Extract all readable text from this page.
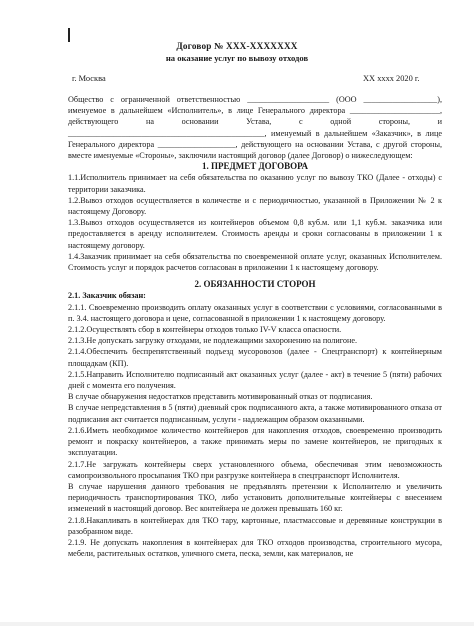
Договор № XXX-XXXXXXX
на оказание услуг по вывозу отходов
г. Москва	XX хххх 2020 г.

Общество с ограниченной ответственностью ____________________ (ООО __________________), именуемое в дальнейшем «Исполнитель», в лице Генерального директора ______________________, действующего на основании Устава, с одной стороны, и ________________________________________________, именуемый в дальнейшем «Заказчик», в лице Генерального директора ___________________, действующего на основании Устава, с другой стороны, вместе именуемые «Стороны», заключили настоящий договор (далее Договор) о нижеследующем:

1. ПРЕДМЕТ ДОГОВОРА

1.1.Исполнитель принимает на себя обязательства по оказанию услуг по вывозу ТКО (Далее - отходы) с территории заказчика.

1.2.Вывоз отходов осуществляется в количестве и с периодичностью, указанной в Приложении № 2 к настоящему Договору.

1.3.Вывоз отходов осуществляется из контейнеров объемом 0,8 куб.м. или 1,1 куб.м. заказчика или предоставляется в аренду исполнителем. Стоимость аренды и сроки согласованы в приложении 1 к настоящему договору.

1.4.Заказчик принимает на себя обязательства по своевременной оплате услуг, оказанных Исполнителем. Стоимость услуг и порядок расчетов согласован в приложении 1 к настоящему договору.

2. ОБЯЗАННОСТИ СТОРОН

2.1. Заказчик обязан:

2.1.1. Своевременно производить оплату оказанных услуг в соответствии с условиями, согласованными в п. 3.4. настоящего договора и цене, согласованной в приложении 1 к настоящему договору.

2.1.2.Осуществлять сбор в контейнеры отходов только IV-V класса опасности.

2.1.3.Не допускать загрузку отходами, не подлежащими захоронению на полигоне.

2.1.4.Обеспечить беспрепятственный подъезд мусоровозов (далее - Спецтранспорт) к контейнерным площадкам (КП).

2.1.5.Направить Исполнителю подписанный акт оказанных услуг (далее - акт) в течение 5 (пяти) рабочих дней с момента его получения.

В случае обнаружения недостатков представить мотивированный отказ от подписания.

В случае непредставления в 5 (пяти) дневный срок подписанного акта, а также мотивированного отказа от подписания акт считается подписанным, услуги - надлежащим образом оказанными.

2.1.6.Иметь необходимое количество контейнеров для накопления отходов, своевременно производить ремонт и покраску контейнеров, а также принимать меры по замене контейнеров, не пригодных к эксплуатации.

2.1.7.Не загружать контейнеры сверх установленного объема, обеспечивая этим невозможность самопроизвольного просыпания ТКО при разгрузке контейнера в спецтранспорт Исполнителя.

В случае нарушения данного требования не предъявлять претензии к Исполнителю и увеличить периодичность транспортирования ТКО, либо установить дополнительные контейнеры с внесением изменений в настоящий договор. Вес контейнера не должен превышать 160 кг.

2.1.8.Накапливать в контейнерах для ТКО тару, картонные, пластмассовые и деревянные конструкции в разобранном виде.

2.1.9. Не допускать накопления в контейнерах для ТКО отходов производства, строительного мусора, мебели, растительных остатков, уличного смета, песка, земли, как материалов, не
